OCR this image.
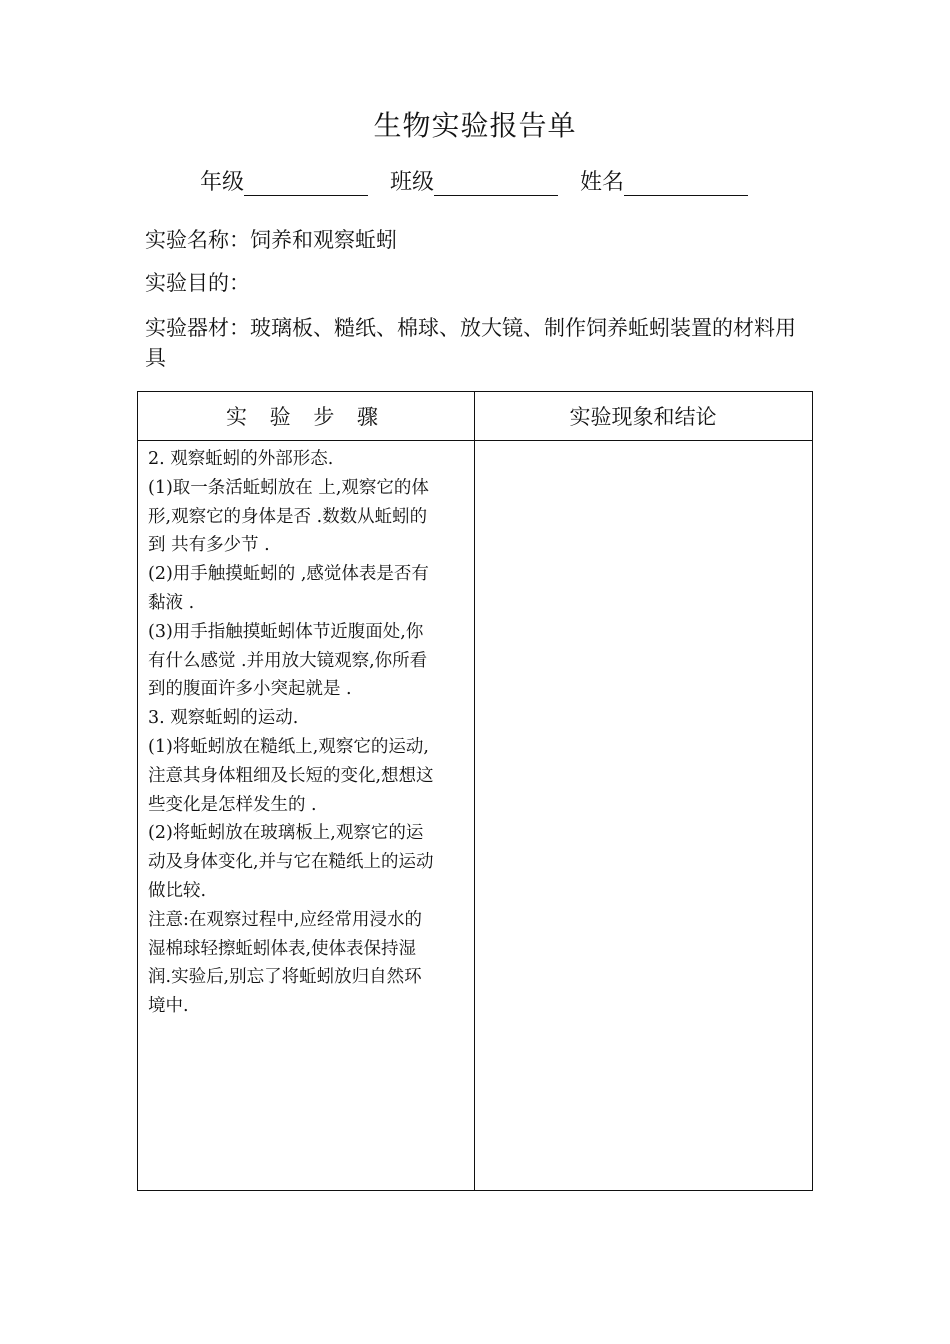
生物实验报告单
年级	班级	姓名
实验名称：饲养和观察蚯蚓
实验目的：
实验器材：玻璃板、糙纸、棉球、放大镜、制作饲养蚯蚓装置的材料用具
实 验 步 骤	实验现象和结论
2. 观察蚯蚓的外部形态.
(1)取一条活蚯蚓放在 上,观察它的体
形,观察它的身体是否 .数数从蚯蚓的
到 共有多少节 .
(2)用手触摸蚯蚓的 ,感觉体表是否有
黏液 .
(3)用手指触摸蚯蚓体节近腹面处,你
有什么感觉 .并用放大镜观察,你所看
到的腹面许多小突起就是 .
3. 观察蚯蚓的运动.
(1)将蚯蚓放在糙纸上,观察它的运动,
注意其身体粗细及长短的变化,想想这
些变化是怎样发生的 .
(2)将蚯蚓放在玻璃板上,观察它的运
动及身体变化,并与它在糙纸上的运动
做比较.
注意:在观察过程中,应经常用浸水的
湿棉球轻擦蚯蚓体表,使体表保持湿
润.实验后,别忘了将蚯蚓放归自然环
境中.
